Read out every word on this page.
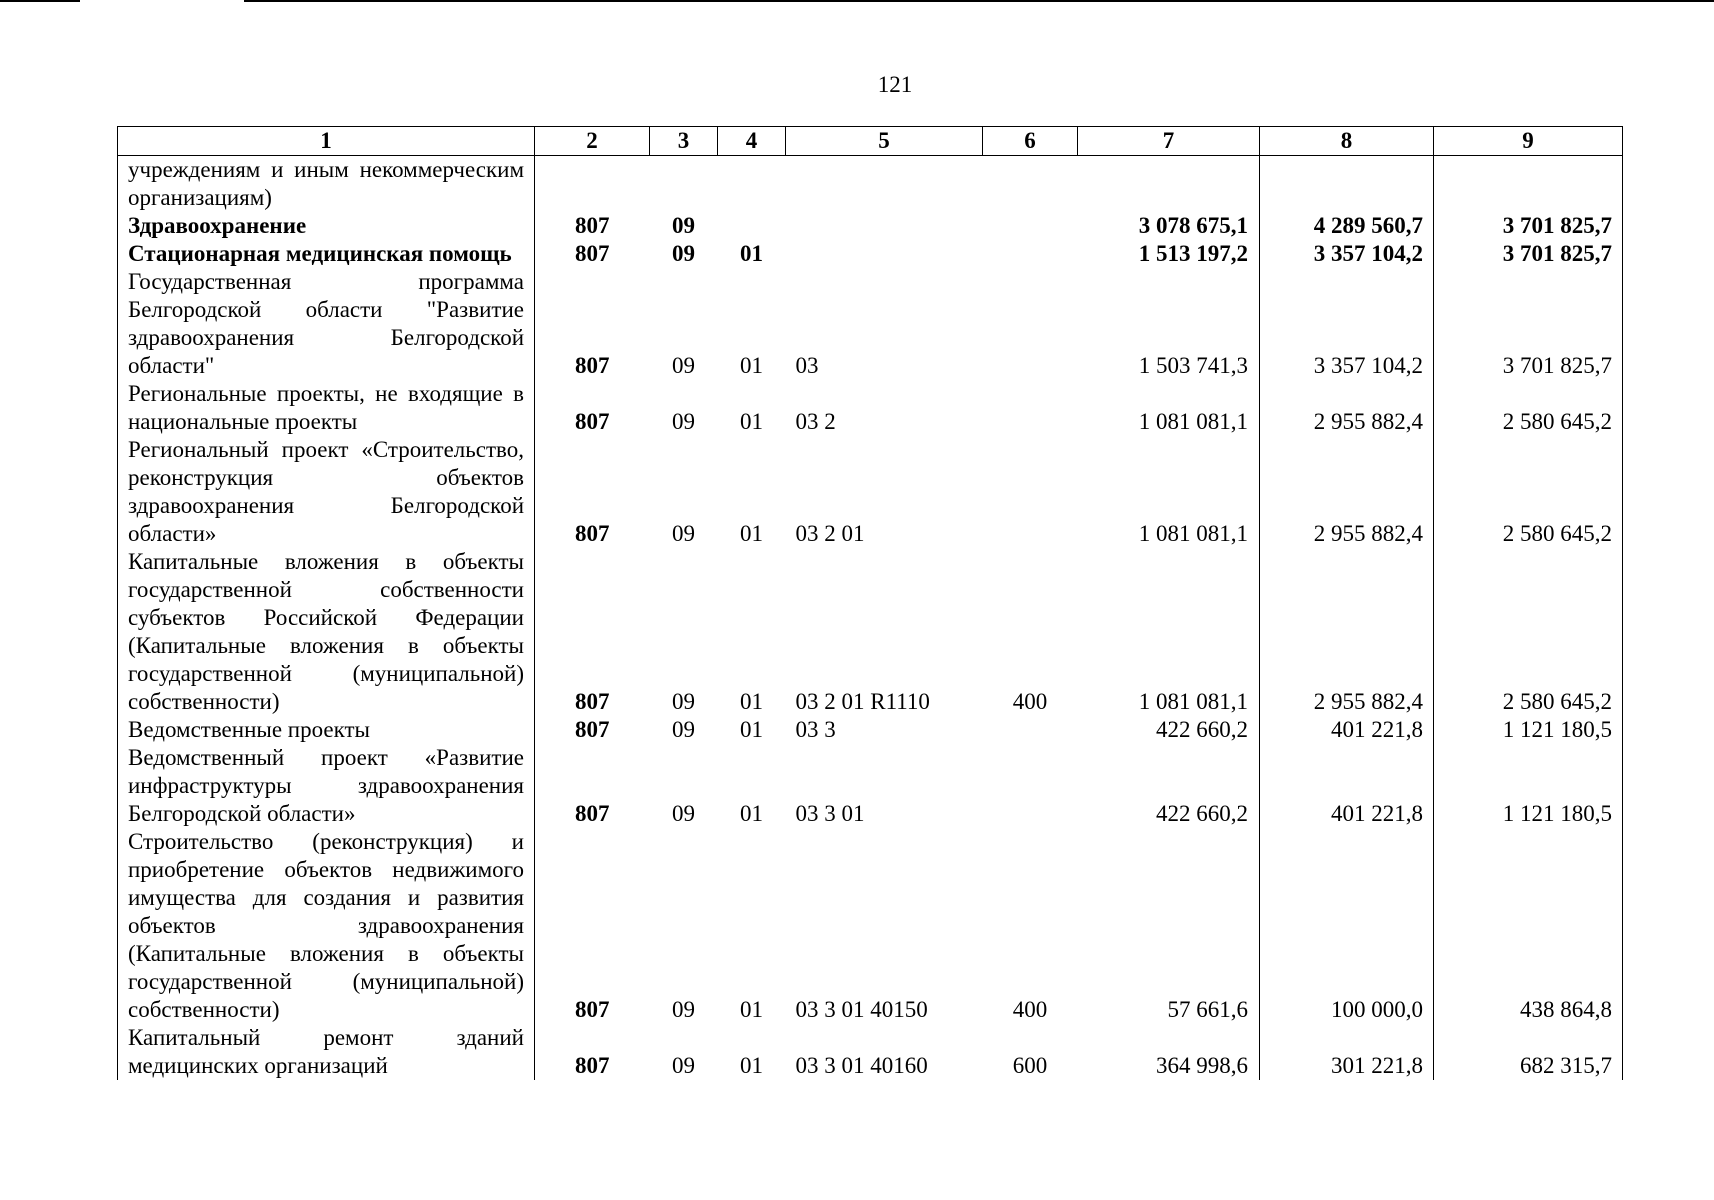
121
1	2	3	4	5	6	7	8	9
учреждениям и иным некоммерческим организациям)								
Здравоохранение	807	09				3 078 675,1	4 289 560,7	3 701 825,7
Стационарная медицинская помощь	807	09	01			1 513 197,2	3 357 104,2	3 701 825,7
Государственная программа Белгородской области "Развитие здравоохранения Белгородской области"	807	09	01	03		1 503 741,3	3 357 104,2	3 701 825,7
Региональные проекты, не входящие в национальные проекты	807	09	01	03 2		1 081 081,1	2 955 882,4	2 580 645,2
Региональный проект «Строительство, реконструкция объектов здравоохранения Белгородской области»	807	09	01	03 2 01		1 081 081,1	2 955 882,4	2 580 645,2
Капитальные вложения в объекты государственной собственности субъектов Российской Федерации (Капитальные вложения в объекты государственной (муниципальной) собственности)	807	09	01	03 2 01 R1110	400	1 081 081,1	2 955 882,4	2 580 645,2
Ведомственные проекты	807	09	01	03 3		422 660,2	401 221,8	1 121 180,5
Ведомственный проект «Развитие инфраструктуры здравоохранения Белгородской области»	807	09	01	03 3 01		422 660,2	401 221,8	1 121 180,5
Строительство (реконструкция) и приобретение объектов недвижимого имущества для создания и развития объектов здравоохранения (Капитальные вложения в объекты государственной (муниципальной) собственности)	807	09	01	03 3 01 40150	400	57 661,6	100 000,0	438 864,8
Капитальный ремонт зданий медицинских организаций	807	09	01	03 3 01 40160	600	364 998,6	301 221,8	682 315,7
